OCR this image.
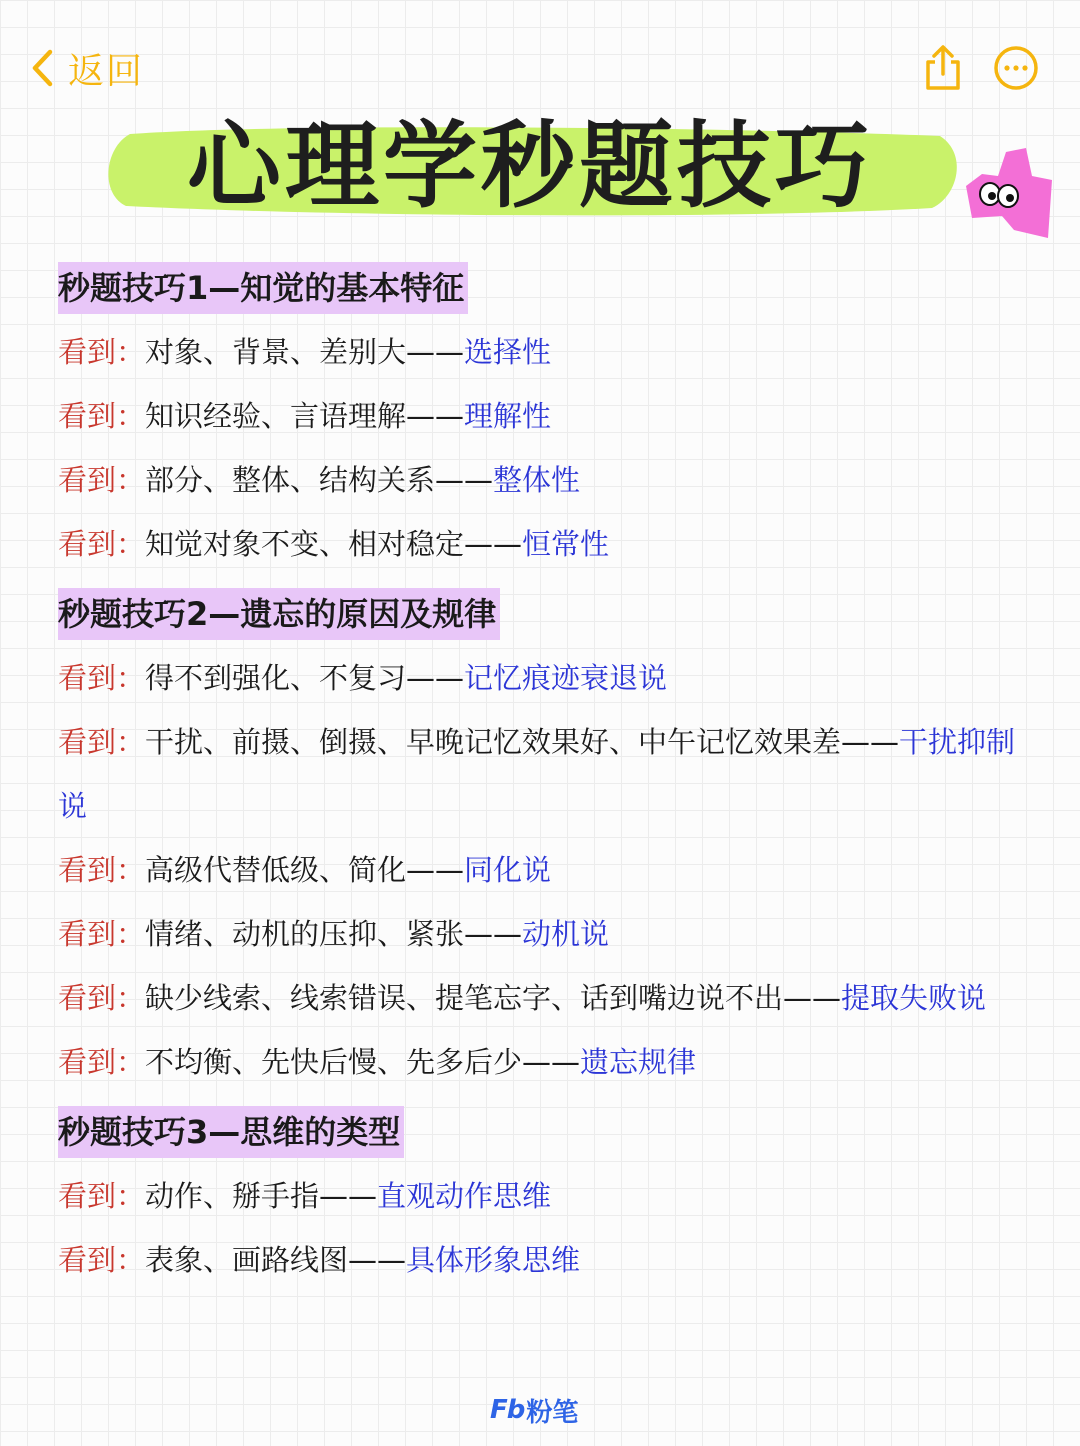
返回
心理学秒题技巧
秒题技巧1—知觉的基本特征
看到：对象、背景、差别大——选择性
看到：知识经验、言语理解——理解性
看到：部分、整体、结构关系——整体性
看到：知觉对象不变、相对稳定——恒常性
秒题技巧2—遗忘的原因及规律
看到：得不到强化、不复习——记忆痕迹衰退说
看到：干扰、前摄、倒摄、早晚记忆效果好、中午记忆效果差——干扰抑制说
看到：高级代替低级、简化——同化说
看到：情绪、动机的压抑、紧张——动机说
看到：缺少线索、线索错误、提笔忘字、话到嘴边说不出——提取失败说
看到：不均衡、先快后慢、先多后少——遗忘规律
秒题技巧3—思维的类型
看到：动作、掰手指——直观动作思维
看到：表象、画路线图——具体形象思维
Fb 粉笔
